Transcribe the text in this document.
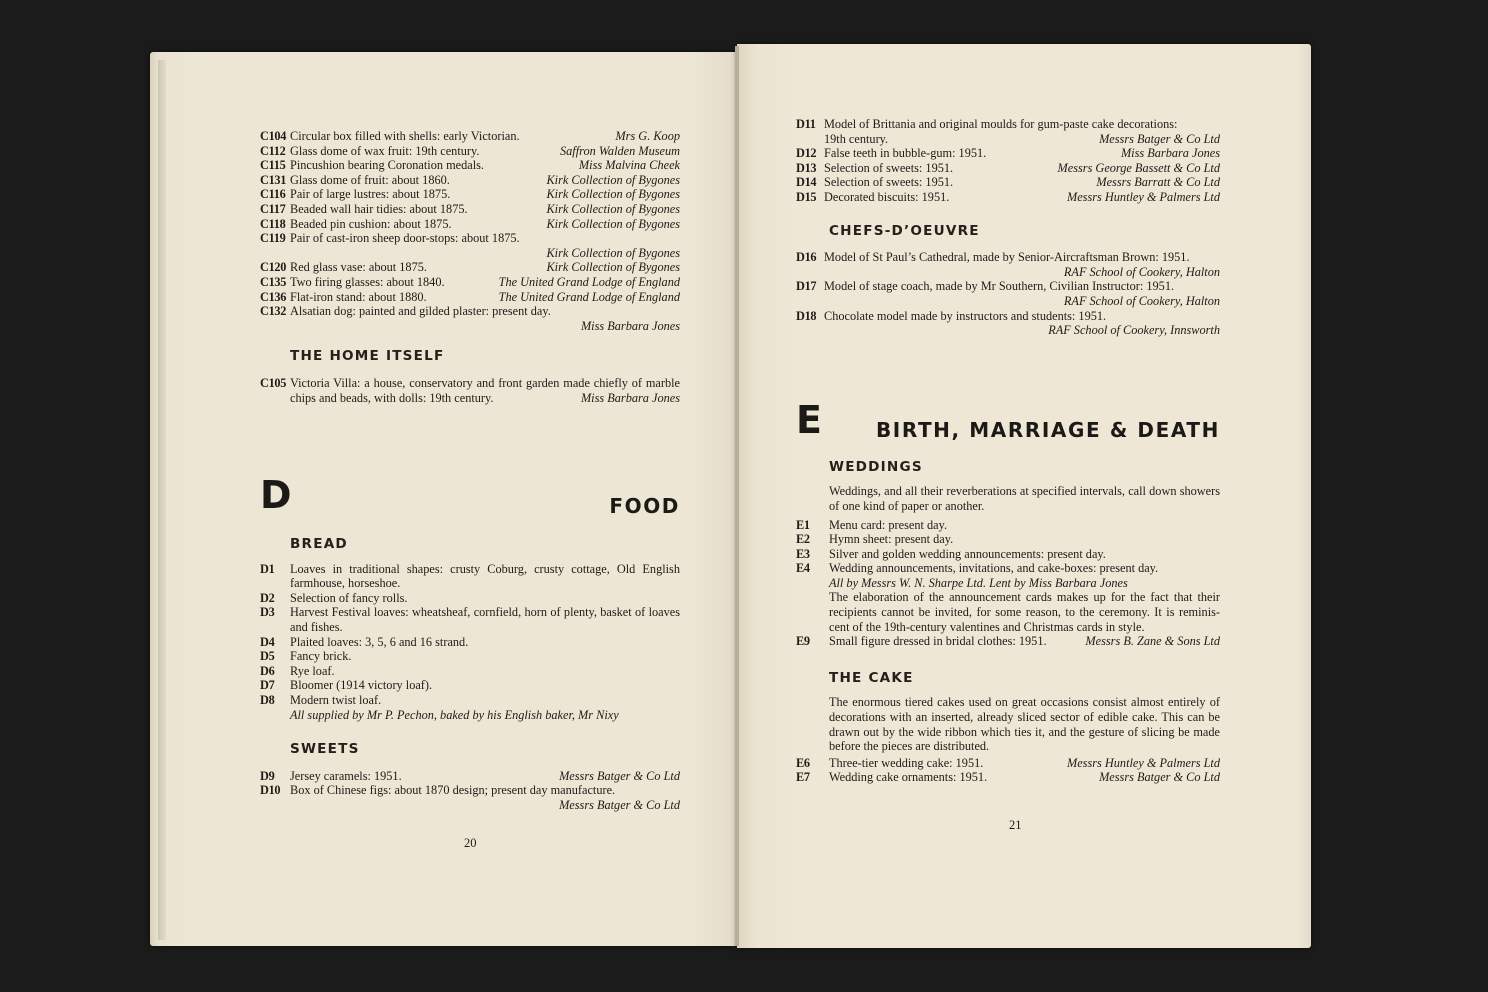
C104 Circular box filled with shells: early Victorian.	Mrs G. Koop
C112 Glass dome of wax fruit: 19th century.	Saffron Walden Museum
C115 Pincushion bearing Coronation medals.	Miss Malvina Cheek
C131 Glass dome of fruit: about 1860.	Kirk Collection of Bygones
C116 Pair of large lustres: about 1875.	Kirk Collection of Bygones
C117 Beaded wall hair tidies: about 1875.	Kirk Collection of Bygones
C118 Beaded pin cushion: about 1875.	Kirk Collection of Bygones
C119 Pair of cast-iron sheep door-stops: about 1875.
Kirk Collection of Bygones
C120 Red glass vase: about 1875.	Kirk Collection of Bygones
C135 Two firing glasses: about 1840.	The United Grand Lodge of England
C136 Flat-iron stand: about 1880.	The United Grand Lodge of England
C132 Alsatian dog: painted and gilded plaster: present day.
Miss Barbara Jones
THE HOME ITSELF
C105 Victoria Villa: a house, conservatory and front garden made chiefly of marble chips and beads, with dolls: 19th century.	Miss Barbara Jones
D	FOOD
BREAD
D1	Loaves in traditional shapes: crusty Coburg, crusty cottage, Old English farmhouse, horseshoe.
D2	Selection of fancy rolls.
D3	Harvest Festival loaves: wheatsheaf, cornfield, horn of plenty, basket of loaves and fishes.
D4	Plaited loaves: 3, 5, 6 and 16 strand.
D5	Fancy brick.
D6	Rye loaf.
D7	Bloomer (1914 victory loaf).
D8	Modern twist loaf.
All supplied by Mr P. Pechon, baked by his English baker, Mr Nixy
SWEETS
D9	Jersey caramels: 1951.	Messrs Batger & Co Ltd
D10 Box of Chinese figs: about 1870 design; present day manufacture.
Messrs Batger & Co Ltd
20
D11 Model of Brittania and original moulds for gum-paste cake decorations:
19th century.	Messrs Batger & Co Ltd
D12 False teeth in bubble-gum: 1951.	Miss Barbara Jones
D13 Selection of sweets: 1951.	Messrs George Bassett & Co Ltd
D14 Selection of sweets: 1951.	Messrs Barratt & Co Ltd
D15 Decorated biscuits: 1951.	Messrs Huntley & Palmers Ltd
CHEFS-D’OEUVRE
D16 Model of St Paul’s Cathedral, made by Senior-Aircraftsman Brown: 1951.
RAF School of Cookery, Halton
D17 Model of stage coach, made by Mr Southern, Civilian Instructor: 1951.
RAF School of Cookery, Halton
D18 Chocolate model made by instructors and students: 1951.
RAF School of Cookery, Innsworth
E	BIRTH, MARRIAGE & DEATH
WEDDINGS
Weddings, and all their reverberations at specified intervals, call down showers of one kind of paper or another.
E1	Menu card: present day.
E2	Hymn sheet: present day.
E3	Silver and golden wedding announcements: present day.
E4	Wedding announcements, invitations, and cake-boxes: present day.
All by Messrs W. N. Sharpe Ltd. Lent by Miss Barbara Jones
The elaboration of the announcement cards makes up for the fact that their recipients cannot be invited, for some reason, to the ceremony. It is reminis-cent of the 19th-century valentines and Christmas cards in style.
E9	Small figure dressed in bridal clothes: 1951.	Messrs B. Zane & Sons Ltd
THE CAKE
The enormous tiered cakes used on great occasions consist almost entirely of decorations with an inserted, already sliced sector of edible cake. This can be drawn out by the wide ribbon which ties it, and the gesture of slicing be made before the pieces are distributed.
E6	Three-tier wedding cake: 1951.	Messrs Huntley & Palmers Ltd
E7	Wedding cake ornaments: 1951.	Messrs Batger & Co Ltd
21
